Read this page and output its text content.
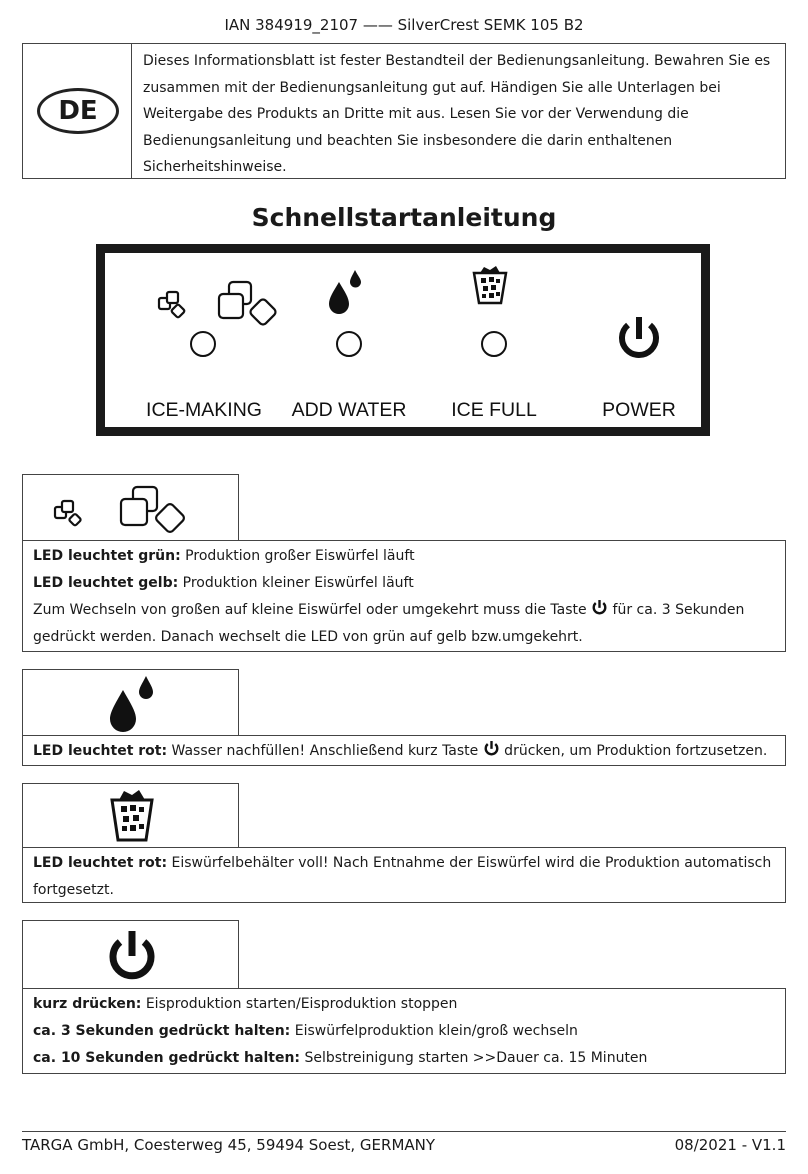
IAN 384919_2107 —— SilverCrest SEMK 105 B2
DE
Dieses Informationsblatt ist fester Bestandteil der Bedienungsanleitung. Bewahren Sie es zusammen mit der Bedienungsanleitung gut auf. Händigen Sie alle Unterlagen bei Weitergabe des Produkts an Dritte mit aus. Lesen Sie vor der Verwendung die Bedienungsanleitung und beachten Sie insbesondere die darin enthaltenen Sicherheitshinweise.
Schnellstartanleitung
ICE-MAKING ADD WATER ICE FULL	POWER
LED leuchtet grün: Produktion großer Eiswürfel läuft
LED leuchtet gelb: Produktion kleiner Eiswürfel läuft
Zum Wechseln von großen auf kleine Eiswürfel oder umgekehrt muss die Taste  für ca. 3 Sekunden
gedrückt werden. Danach wechselt die LED von grün auf gelb bzw.umgekehrt.
LED leuchtet rot: Wasser nachfüllen! Anschließend kurz Taste  drücken, um Produktion fortzusetzen.
LED leuchtet rot: Eiswürfelbehälter voll! Nach Entnahme der Eiswürfel wird die Produktion automatisch
fortgesetzt.
kurz drücken: Eisproduktion starten/Eisproduktion stoppen
ca. 3 Sekunden gedrückt halten: Eiswürfelproduktion klein/groß wechseln
ca. 10 Sekunden gedrückt halten: Selbstreinigung starten >>Dauer ca. 15 Minuten
TARGA GmbH, Coesterweg 45, 59494 Soest, GERMANY	08/2021 - V1.1
